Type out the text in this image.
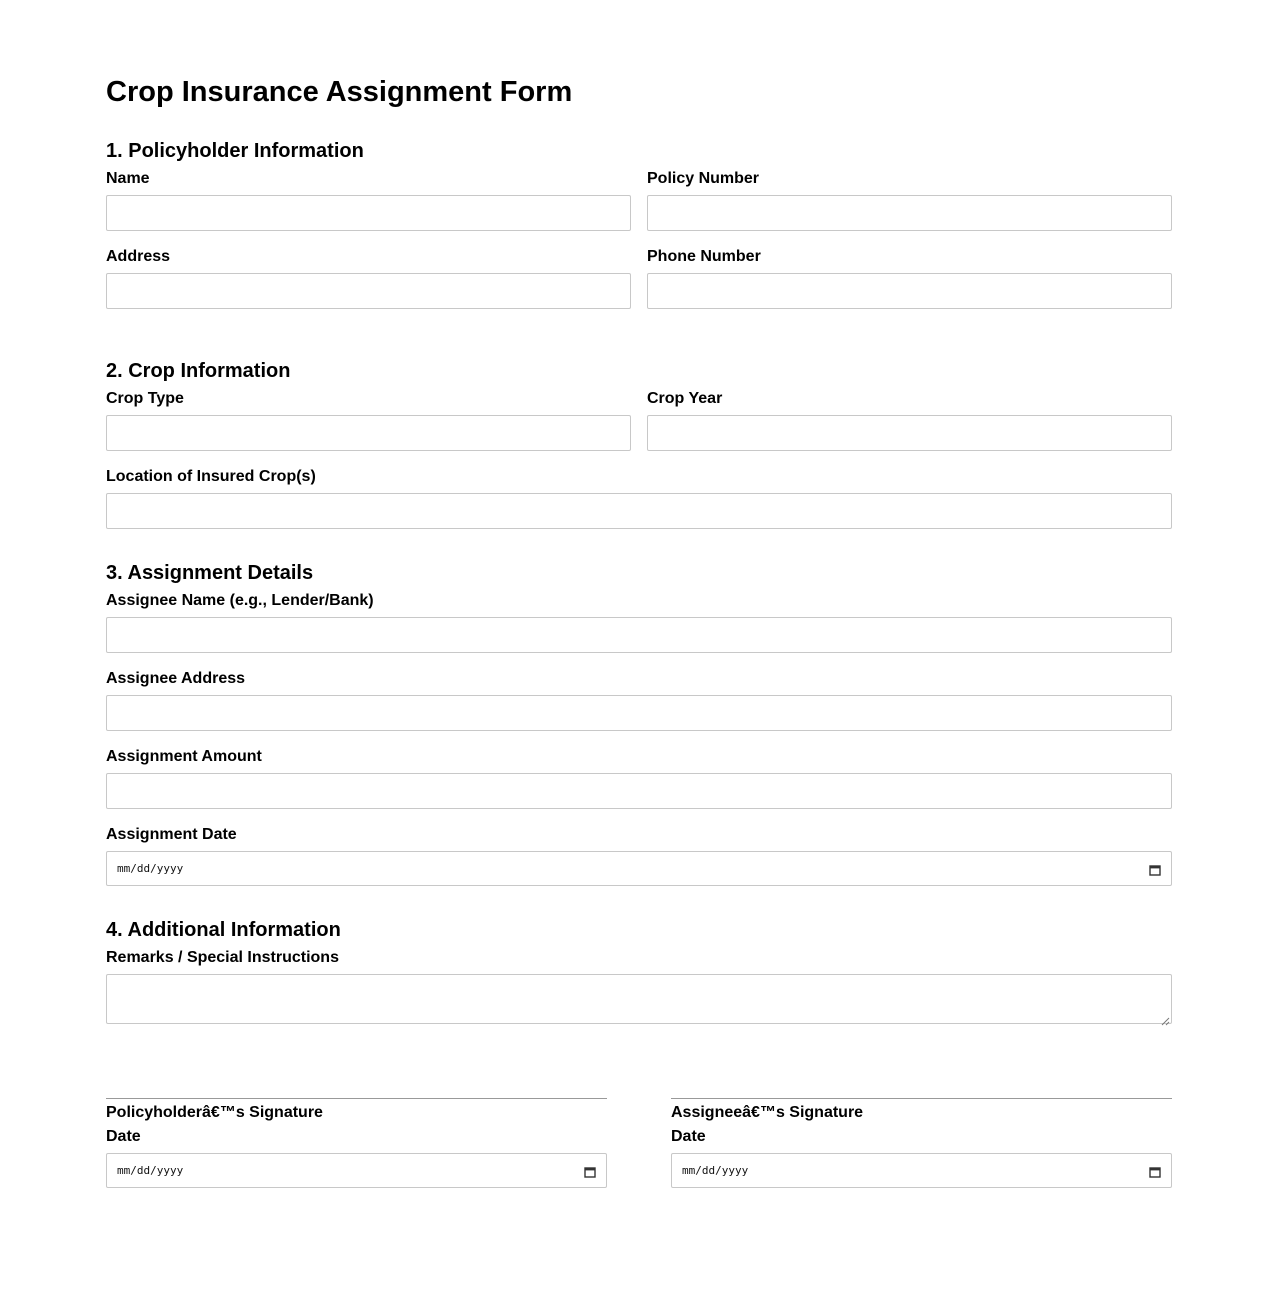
Crop Insurance Assignment Form
1. Policyholder Information
Name	Policy Number
Address	Phone Number
2. Crop Information
Crop Type	Crop Year
Location of Insured Crop(s)
3. Assignment Details
Assignee Name (e.g., Lender/Bank)
Assignee Address
Assignment Amount
Assignment Date
mm/dd/yyyy
4. Additional Information
Remarks / Special Instructions
Policyholderâ€™s Signature
Date
mm/dd/yyyy
Assigneeâ€™s Signature
Date
mm/dd/yyyy
